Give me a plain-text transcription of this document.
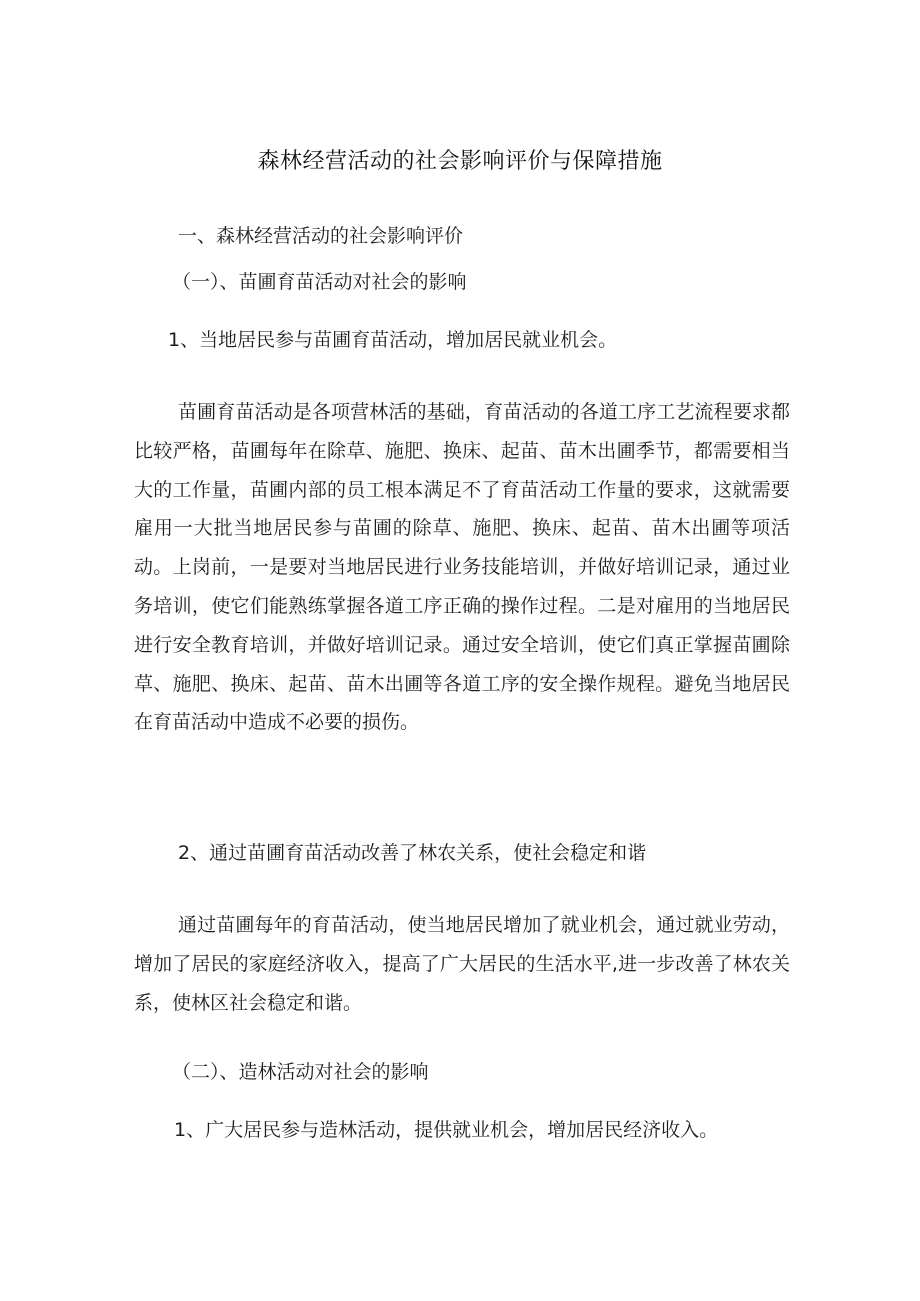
森林经营活动的社会影响评价与保障措施
一、森林经营活动的社会影响评价
（一）、苗圃育苗活动对社会的影响
1、当地居民参与苗圃育苗活动，增加居民就业机会。

苗圃育苗活动是各项营林活的基础，育苗活动的各道工序工艺流程要求都比较严格，苗圃每年在除草、施肥、换床、起苗、苗木出圃季节，都需要相当大的工作量，苗圃内部的员工根本满足不了育苗活动工作量的要求，这就需要雇用一大批当地居民参与苗圃的除草、施肥、换床、起苗、苗木出圃等项活动。上岗前，一是要对当地居民进行业务技能培训，并做好培训记录，通过业务培训，使它们能熟练掌握各道工序正确的操作过程。二是对雇用的当地居民进行安全教育培训，并做好培训记录。通过安全培训，使它们真正掌握苗圃除草、施肥、换床、起苗、苗木出圃等各道工序的安全操作规程。避免当地居民在育苗活动中造成不必要的损伤。

2、通过苗圃育苗活动改善了林农关系，使社会稳定和谐

通过苗圃每年的育苗活动，使当地居民增加了就业机会，通过就业劳动，增加了居民的家庭经济收入，提高了广大居民的生活水平,进一步改善了林农关系，使林区社会稳定和谐。

（二）、造林活动对社会的影响
1、广大居民参与造林活动，提供就业机会，增加居民经济收入。
